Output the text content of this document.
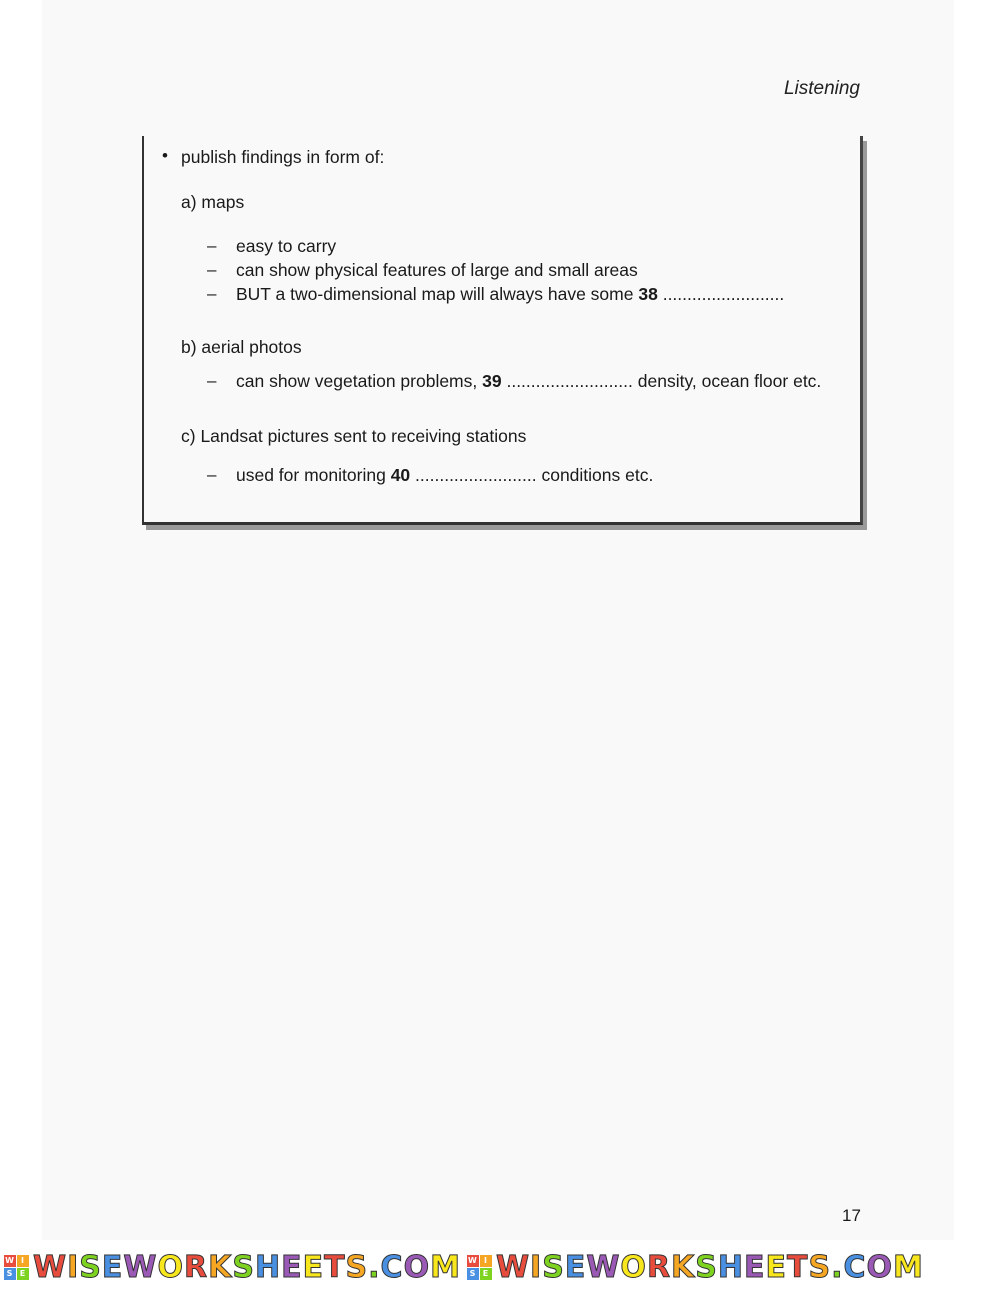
Listening
• publish findings in form of:
a) maps
– easy to carry
– can show physical features of large and small areas
– BUT a two-dimensional map will always have some 38 .........................
b) aerial photos
– can show vegetation problems, 39 .......................... density, ocean floor etc.
c) Landsat pictures sent to receiving stations
– used for monitoring 40 ......................... conditions etc.
17
W I
S E WISEWORKSHEETS.COM W I
S E WISEWORKSHEETS.COM
